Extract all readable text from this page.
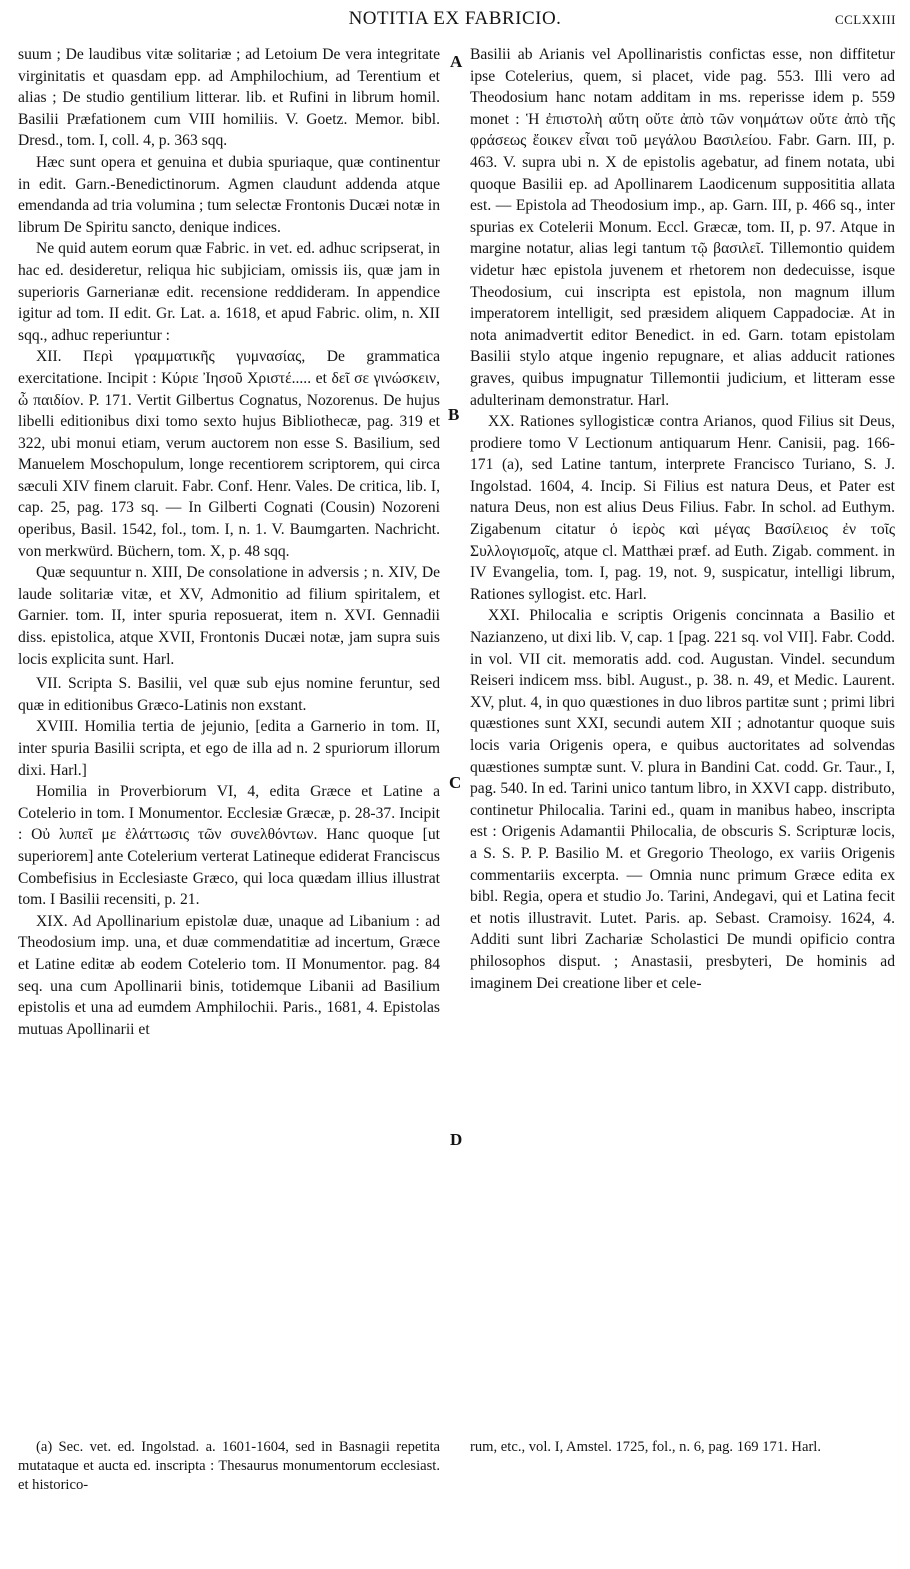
NOTITIA EX FABRICIO.	CCLXXIII
A
B
C
D

suum ; De laudibus vitæ solitariæ ; ad Letoium De vera integritate virginitatis et quasdam epp. ad Amphilochium, ad Terentium et alias ; De studio gentilium litterar. lib. et Rufini in librum homil. Basilii Præfationem cum VIII homiliis. V. Goetz. Memor. bibl. Dresd., tom. I, coll. 4, p. 363 sqq.

Hæc sunt opera et genuina et dubia spuriaque, quæ continentur in edit. Garn.-Benedictinorum. Agmen claudunt addenda atque emendanda ad tria volumina ; tum selectæ Frontonis Ducæi notæ in librum De Spiritu sancto, denique indices.

Ne quid autem eorum quæ Fabric. in vet. ed. adhuc scripserat, in hac ed. desideretur, reliqua hic subjiciam, omissis iis, quæ jam in superioris Garnerianæ edit. recensione reddideram. In appendice igitur ad tom. II edit. Gr. Lat. a. 1618, et apud Fabric. olim, n. XII sqq., adhuc reperiuntur :

XII. Περὶ γραμματικῆς γυμνασίας, De grammatica exercitatione. Incipit : Κύριε Ἰησοῦ Χριστέ..... et δεῖ σε γινώσκειν, ὦ παιδίον. P. 171. Vertit Gilbertus Cognatus, Nozorenus. De hujus libelli editionibus dixi tomo sexto hujus Bibliothecæ, pag. 319 et 322, ubi monui etiam, verum auctorem non esse S. Basilium, sed Manuelem Moschopulum, longe recentiorem scriptorem, qui circa sæculi XIV finem claruit. Fabr. Conf. Henr. Vales. De critica, lib. I, cap. 25, pag. 173 sq. — In Gilberti Cognati (Cousin) Nozoreni operibus, Basil. 1542, fol., tom. I, n. 1. V. Baumgarten. Nachricht. von merkwürd. Büchern, tom. X, p. 48 sqq.

Quæ sequuntur n. XIII, De consolatione in adversis ; n. XIV, De laude solitariæ vitæ, et XV, Admonitio ad filium spiritalem, et Garnier. tom. II, inter spuria reposuerat, item n. XVI. Gennadii diss. epistolica, atque XVII, Frontonis Ducæi notæ, jam supra suis locis explicita sunt. Harl.

VII. Scripta S. Basilii, vel quæ sub ejus nomine feruntur, sed quæ in editionibus Græco-Latinis non exstant.

XVIII. Homilia tertia de jejunio, [edita a Garnerio in tom. II, inter spuria Basilii scripta, et ego de illa ad n. 2 spuriorum illorum dixi. Harl.]

Homilia in Proverbiorum VI, 4, edita Græce et Latine a Cotelerio in tom. I Monumentor. Ecclesiæ Græcæ, p. 28-37. Incipit : Οὐ λυπεῖ με ἐλάττωσις τῶν συνελθόντων. Hanc quoque [ut superiorem] ante Cotelerium verterat Latineque ediderat Franciscus Combefisius in Ecclesiaste Græco, qui loca quædam illius illustrat tom. I Basilii recensiti, p. 21.

XIX. Ad Apollinarium epistolæ duæ, unaque ad Libanium : ad Theodosium imp. una, et duæ commendatitiæ ad incertum, Græce et Latine editæ ab eodem Cotelerio tom. II Monumentor. pag. 84 seq. una cum Apollinarii binis, totidemque Libanii ad Basilium epistolis et una ad eumdem Amphilochii. Paris., 1681, 4. Epistolas mutuas Apollinarii et

Basilii ab Arianis vel Apollinaristis confictas esse, non diffitetur ipse Cotelerius, quem, si placet, vide pag. 553. Illi vero ad Theodosium hanc notam additam in ms. reperisse idem p. 559 monet : Ἡ ἐπιστολὴ αὕτη οὔτε ἀπὸ τῶν νοημάτων οὔτε ἀπὸ τῆς φράσεως ἔοικεν εἶναι τοῦ μεγάλου Βασιλείου. Fabr. Garn. III, p. 463. V. supra ubi n. X de epistolis agebatur, ad finem notata, ubi quoque Basilii ep. ad Apollinarem Laodicenum supposititia allata est. — Epistola ad Theodosium imp., ap. Garn. III, p. 466 sq., inter spurias ex Cotelerii Monum. Eccl. Græcæ, tom. II, p. 97. Atque in margine notatur, alias legi tantum τῷ βασιλεῖ. Tillemontio quidem videtur hæc epistola juvenem et rhetorem non dedecuisse, isque Theodosium, cui inscripta est epistola, non magnum illum imperatorem intelligit, sed præsidem aliquem Cappadociæ. At in nota animadvertit editor Benedict. in ed. Garn. totam epistolam Basilii stylo atque ingenio repugnare, et alias adducit rationes graves, quibus impugnatur Tillemontii judicium, et litteram esse adulterinam demonstratur. Harl.

XX. Rationes syllogisticæ contra Arianos, quod Filius sit Deus, prodiere tomo V Lectionum antiquarum Henr. Canisii, pag. 166-171 (a), sed Latine tantum, interprete Francisco Turiano, S. J. Ingolstad. 1604, 4. Incip. Si Filius est natura Deus, et Pater est natura Deus, non est alius Deus Filius. Fabr. In schol. ad Euthym. Zigabenum citatur ὁ ἱερὸς καὶ μέγας Βασίλειος ἐν τοῖς Συλλογισμοῖς, atque cl. Matthæi præf. ad Euth. Zigab. comment. in IV Evangelia, tom. I, pag. 19, not. 9, suspicatur, intelligi librum, Rationes syllogist. etc. Harl.

XXI. Philocalia e scriptis Origenis concinnata a Basilio et Nazianzeno, ut dixi lib. V, cap. 1 [pag. 221 sq. vol VII]. Fabr. Codd. in vol. VII cit. memoratis add. cod. Augustan. Vindel. secundum Reiseri indicem mss. bibl. August., p. 38. n. 49, et Medic. Laurent. XV, plut. 4, in quo quæstiones in duo libros partitæ sunt ; primi libri quæstiones sunt XXI, secundi autem XII ; adnotantur quoque suis locis varia Origenis opera, e quibus auctoritates ad solvendas quæstiones sumptæ sunt. V. plura in Bandini Cat. codd. Gr. Taur., I, pag. 540. In ed. Tarini unico tantum libro, in XXVI capp. distributo, continetur Philocalia. Tarini ed., quam in manibus habeo, inscripta est : Origenis Adamantii Philocalia, de obscuris S. Scripturæ locis, a S. S. P. P. Basilio M. et Gregorio Theologo, ex variis Origenis commentariis excerpta. — Omnia nunc primum Græce edita ex bibl. Regia, opera et studio Jo. Tarini, Andegavi, qui et Latina fecit et notis illustravit. Lutet. Paris. ap. Sebast. Cramoisy. 1624, 4. Additi sunt libri Zachariæ Scholastici De mundi opificio contra philosophos disput. ; Anastasii, presbyteri, De hominis ad imaginem Dei creatione liber et cele-

(a) Sec. vet. ed. Ingolstad. a. 1601-1604, sed in Basnagii repetita mutataque et aucta ed. inscripta : Thesaurus monumentorum ecclesiast. et historico-

rum, etc., vol. I, Amstel. 1725, fol., n. 6, pag. 169 171. Harl.
